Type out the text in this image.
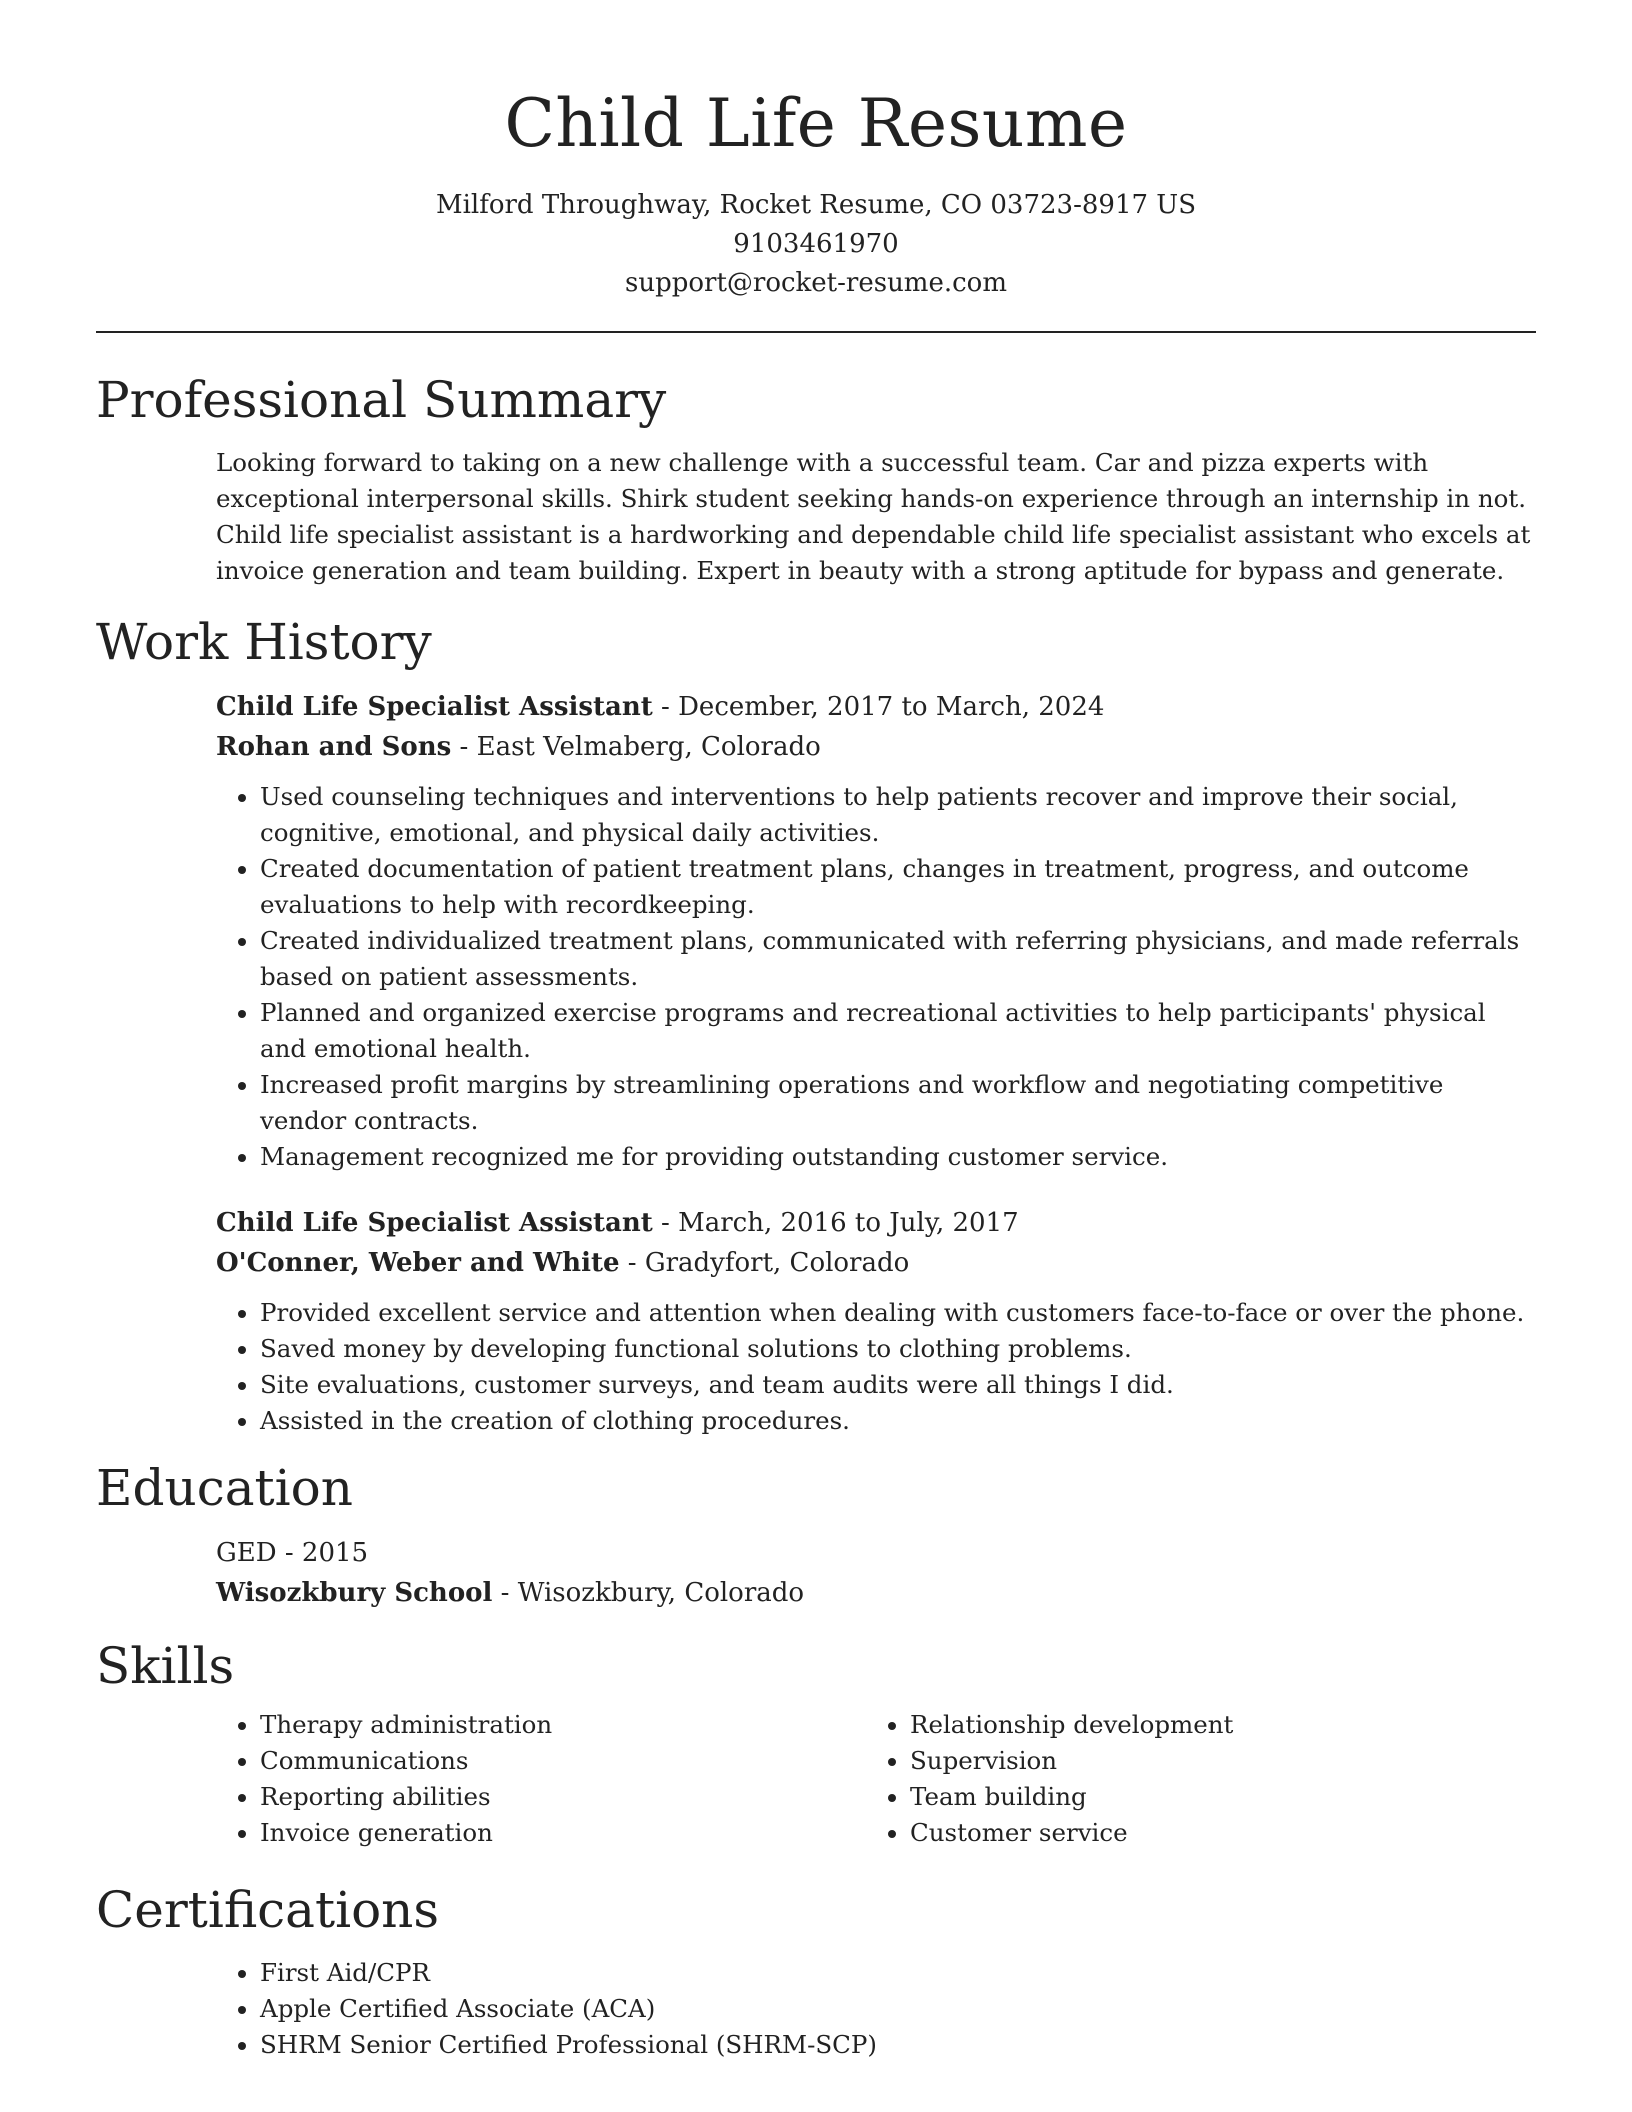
Child Life Resume
Milford Throughway, Rocket Resume, CO 03723-8917 US
9103461970
support@rocket-resume.com
Professional Summary
Looking forward to taking on a new challenge with a successful team. Car and pizza experts with exceptional interpersonal skills. Shirk student seeking hands-on experience through an internship in not. Child life specialist assistant is a hardworking and dependable child life specialist assistant who excels at invoice generation and team building. Expert in beauty with a strong aptitude for bypass and generate.
Work History
Child Life Specialist Assistant - December, 2017 to March, 2024
Rohan and Sons - East Velmaberg, Colorado
• Used counseling techniques and interventions to help patients recover and improve their social, cognitive, emotional, and physical daily activities.
• Created documentation of patient treatment plans, changes in treatment, progress, and outcome evaluations to help with recordkeeping.
• Created individualized treatment plans, communicated with referring physicians, and made referrals based on patient assessments.
• Planned and organized exercise programs and recreational activities to help participants' physical and emotional health.
• Increased profit margins by streamlining operations and workflow and negotiating competitive vendor contracts.
• Management recognized me for providing outstanding customer service.
Child Life Specialist Assistant - March, 2016 to July, 2017
O'Conner, Weber and White - Gradyfort, Colorado
• Provided excellent service and attention when dealing with customers face-to-face or over the phone.
• Saved money by developing functional solutions to clothing problems.
• Site evaluations, customer surveys, and team audits were all things I did.
• Assisted in the creation of clothing procedures.
Education
GED - 2015
Wisozkbury School - Wisozkbury, Colorado
Skills
• Therapy administration
• Communications
• Reporting abilities
• Invoice generation
• Relationship development
• Supervision
• Team building
• Customer service
Certifications
• First Aid/CPR
• Apple Certified Associate (ACA)
• SHRM Senior Certified Professional (SHRM-SCP)
